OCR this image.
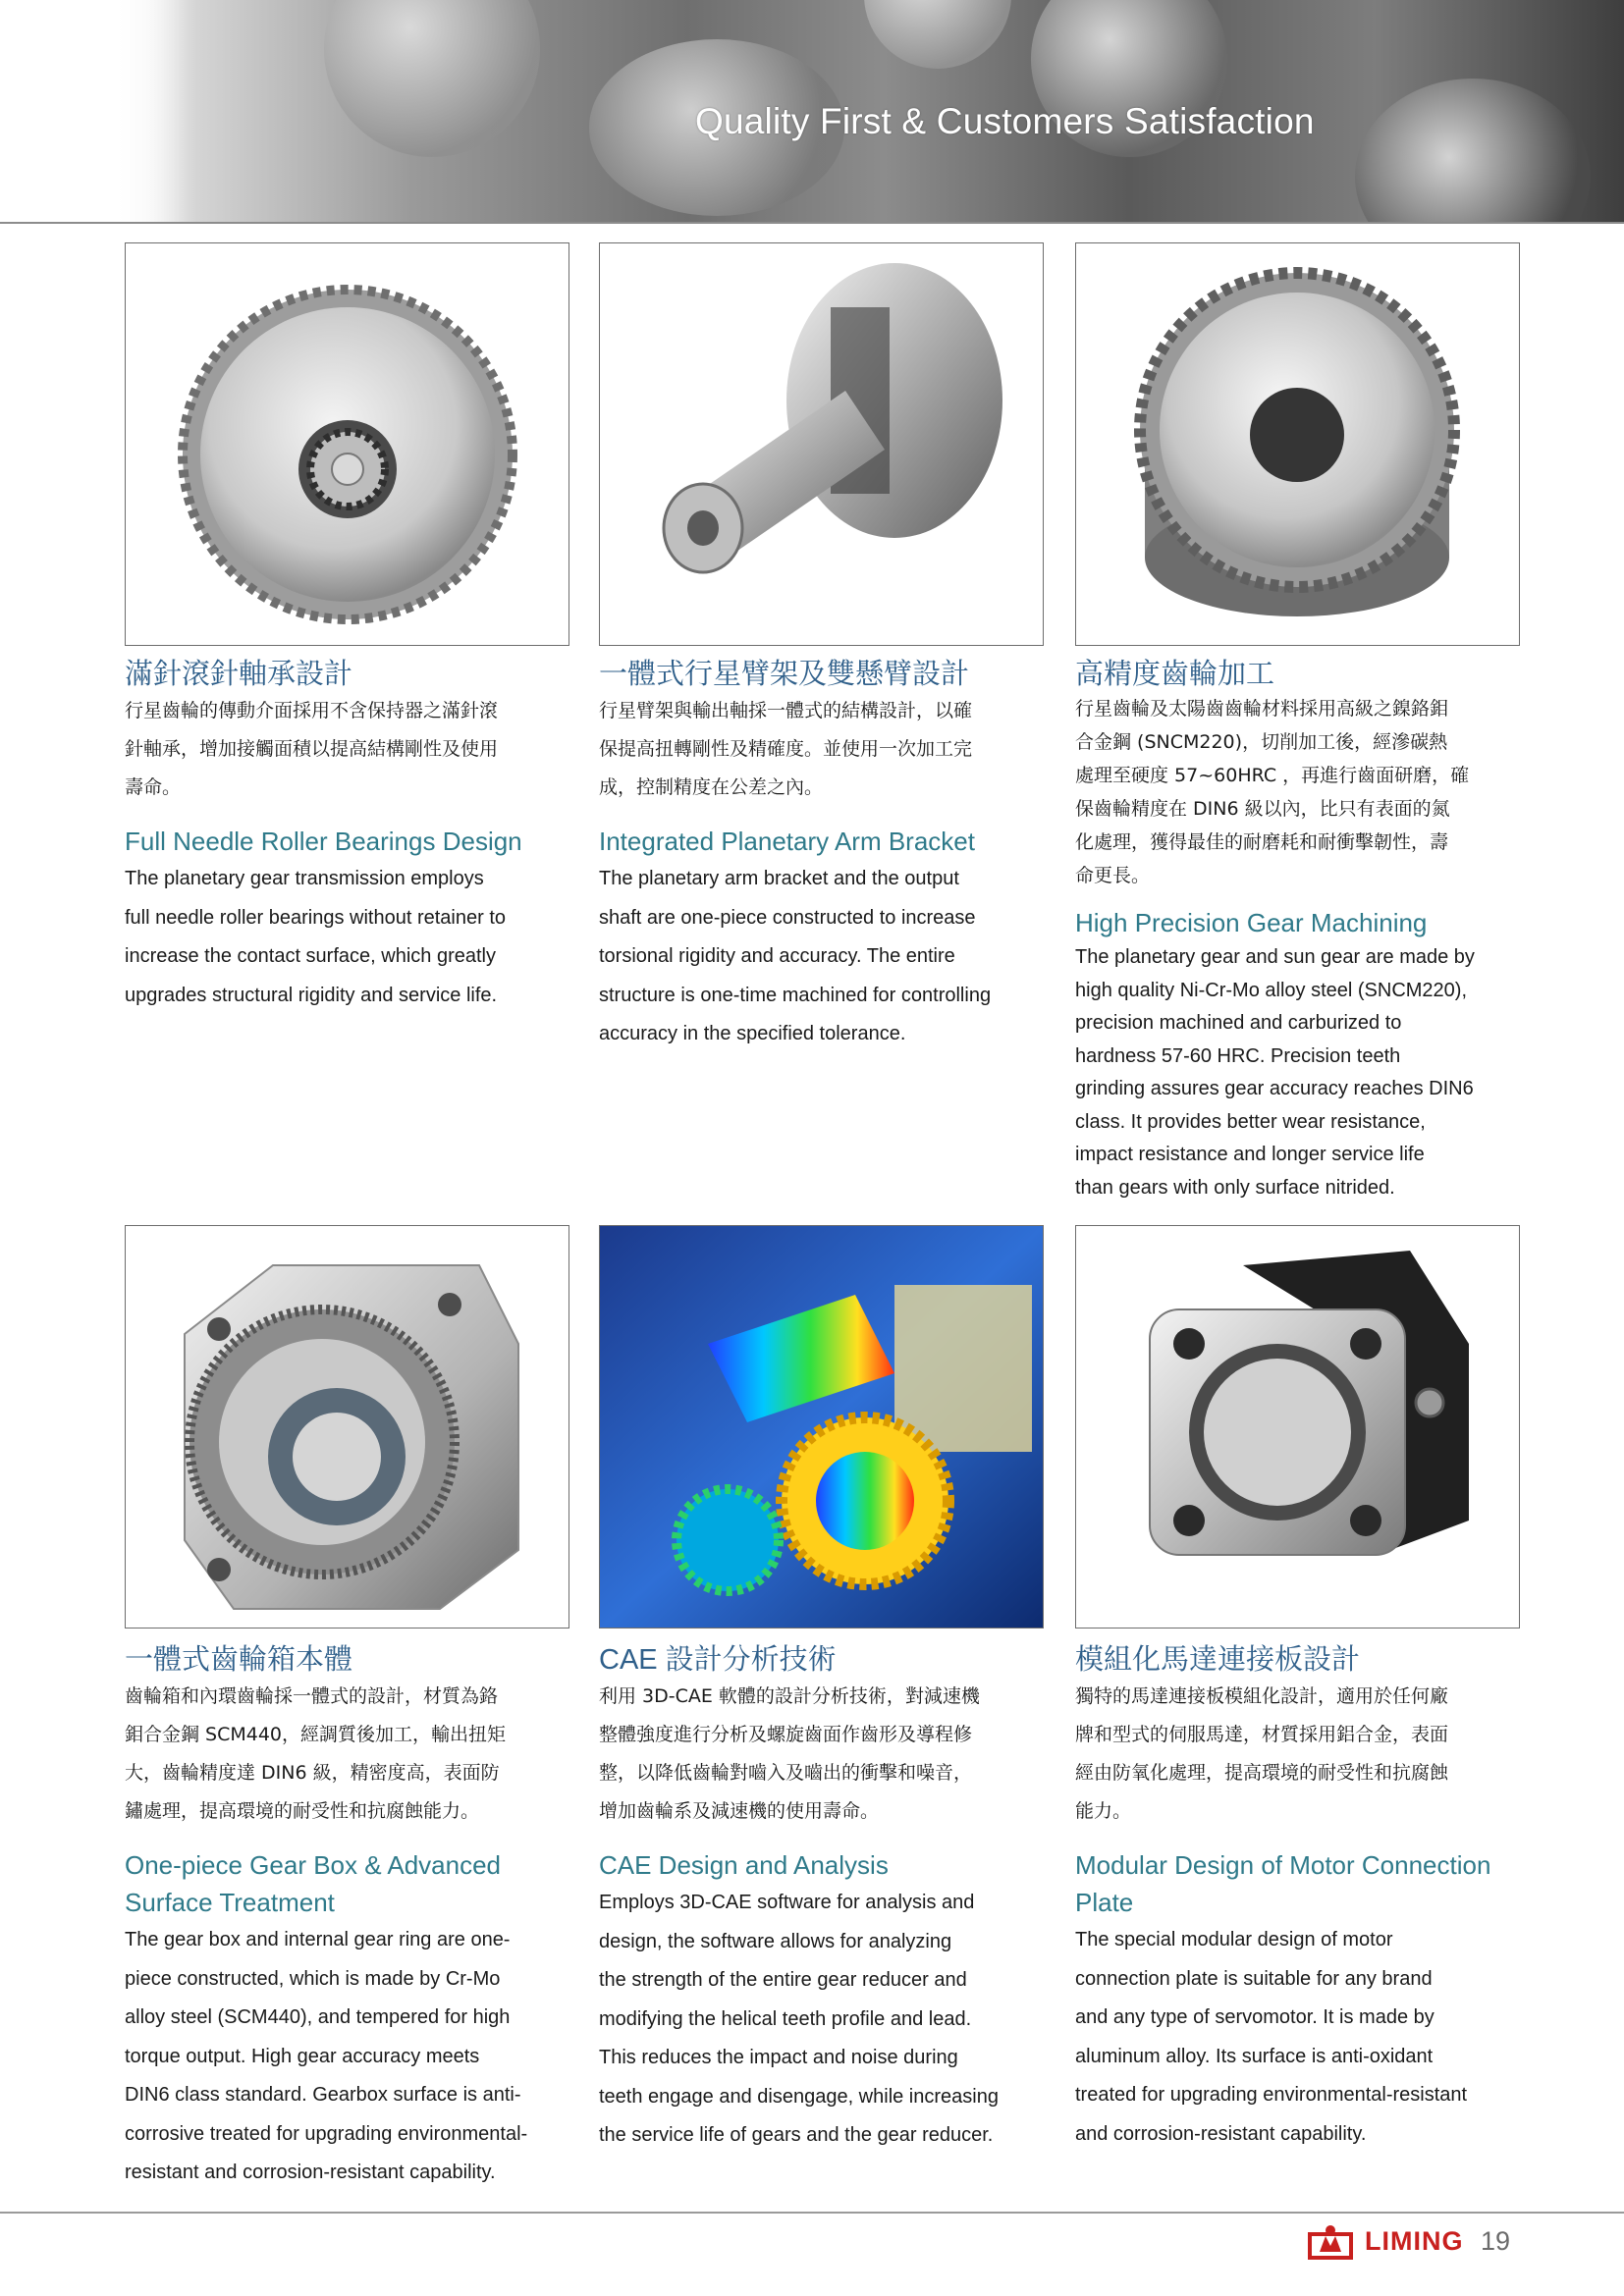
Quality First & Customers Satisfaction

滿針滾針軸承設計

行星齒輪的傳動介面採用不含保持器之滿針滾
針軸承，增加接觸面積以提高結構剛性及使用
壽命。

Full Needle Roller Bearings Design

The planetary gear transmission employs
full needle roller bearings without retainer to
increase the contact surface, which greatly
upgrades structural rigidity and service life.

一體式行星臂架及雙懸臂設計

行星臂架與輸出軸採一體式的結構設計，以確
保提高扭轉剛性及精確度。並使用一次加工完
成，控制精度在公差之內。

Integrated Planetary Arm Bracket

The planetary arm bracket and the output
shaft are one-piece constructed to increase
torsional rigidity and accuracy. The entire
structure is one-time machined for controlling
accuracy in the specified tolerance.

高精度齒輪加工

行星齒輪及太陽齒齒輪材料採用高級之鎳鉻鉬
合金鋼 (SNCM220)，切削加工後，經滲碳熱
處理至硬度 57~60HRC ，再進行齒面研磨，確
保齒輪精度在 DIN6 級以內，比只有表面的氮
化處理，獲得最佳的耐磨耗和耐衝擊韌性，壽
命更長。

High Precision Gear Machining

The planetary gear and sun gear are made by
high quality Ni-Cr-Mo alloy steel (SNCM220),
precision machined and carburized to
hardness 57-60 HRC. Precision teeth
grinding assures gear accuracy reaches DIN6
class. It provides better wear resistance,
impact resistance and longer service life
than gears with only surface nitrided.

一體式齒輪箱本體

齒輪箱和內環齒輪採一體式的設計，材質為鉻
鉬合金鋼 SCM440，經調質後加工，輸出扭矩
大，齒輪精度達 DIN6 級，精密度高，表面防
鏽處理，提高環境的耐受性和抗腐蝕能力。

One-piece Gear Box & Advanced Surface Treatment

The gear box and internal gear ring are one-
piece constructed, which is made by Cr-Mo
alloy steel (SCM440), and tempered for high
torque output. High gear accuracy meets
DIN6 class standard. Gearbox surface is anti-
corrosive treated for upgrading environmental-
resistant and corrosion-resistant capability.

CAE 設計分析技術

利用 3D-CAE 軟體的設計分析技術，對減速機
整體強度進行分析及螺旋齒面作齒形及導程修
整，以降低齒輪對嚙入及嚙出的衝擊和噪音，
增加齒輪系及減速機的使用壽命。

CAE Design and Analysis

Employs 3D-CAE software for analysis and
design, the software allows for analyzing
the strength of the entire gear reducer and
modifying the helical teeth profile and lead.
This reduces the impact and noise during
teeth engage and disengage, while increasing
the service life of gears and the gear reducer.

模組化馬達連接板設計

獨特的馬達連接板模組化設計，適用於任何廠
牌和型式的伺服馬達，材質採用鋁合金，表面
經由防氧化處理，提高環境的耐受性和抗腐蝕
能力。

Modular Design of Motor Connection Plate

The special modular design of motor
connection plate is suitable for any brand
and any type of servomotor. It is made by
aluminum alloy. Its surface is anti-oxidant
treated for upgrading environmental-resistant
and corrosion-resistant capability.

LIMING 19
